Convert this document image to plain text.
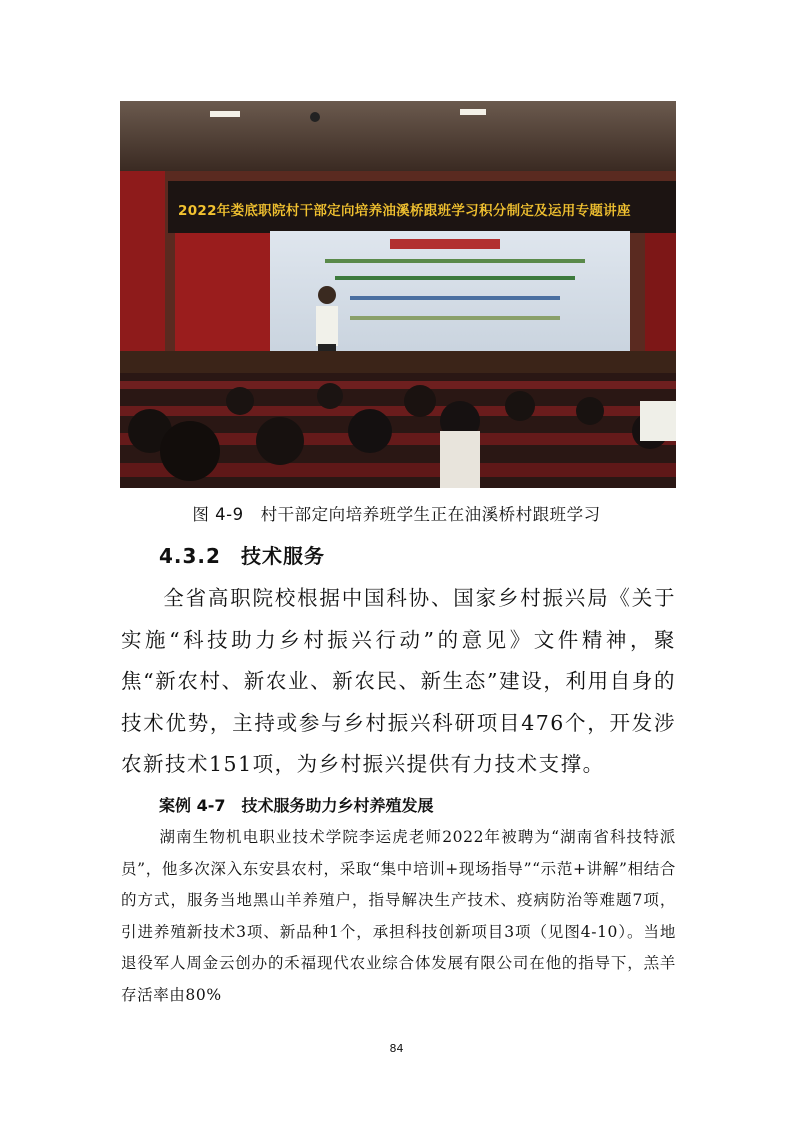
2022年娄底职院村干部定向培养油溪桥跟班学习积分制定及运用专题讲座
图 4-9　村干部定向培养班学生正在油溪桥村跟班学习
4.3.2 技术服务
全省高职院校根据中国科协、国家乡村振兴局《关于实施“科技助力乡村振兴行动”的意见》文件精神，聚焦“新农村、新农业、新农民、新生态”建设，利用自身的技术优势，主持或参与乡村振兴科研项目476个，开发涉农新技术151项，为乡村振兴提供有力技术支撑。
案例 4-7　技术服务助力乡村养殖发展
湖南生物机电职业技术学院李运虎老师2022年被聘为“湖南省科技特派员”，他多次深入东安县农村，采取“集中培训+现场指导”“示范+讲解”相结合的方式，服务当地黑山羊养殖户，指导解决生产技术、疫病防治等难题7项，引进养殖新技术3项、新品种1个，承担科技创新项目3项（见图4-10）。当地退役军人周金云创办的禾福现代农业综合体发展有限公司在他的指导下，羔羊存活率由80%
84
